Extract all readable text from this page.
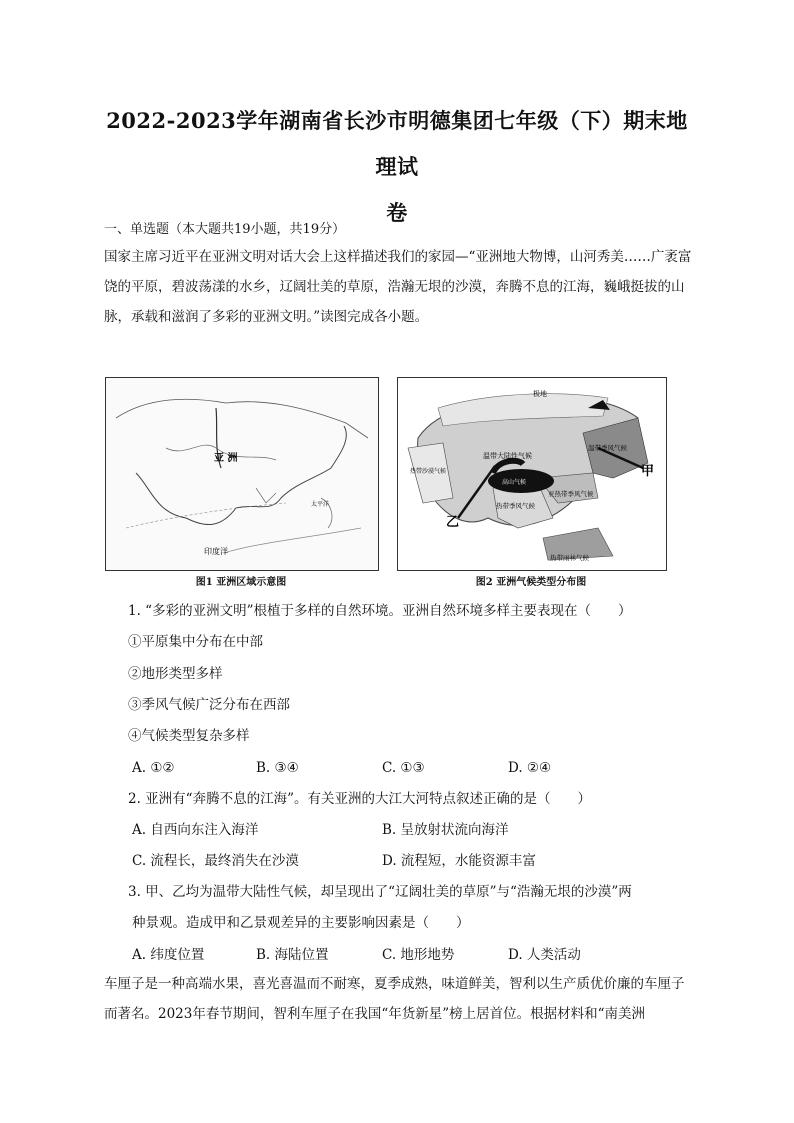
2022-2023学年湖南省长沙市明德集团七年级（下）期末地理试
卷
一、单选题（本大题共19小题，共19分）
国家主席习近平在亚洲文明对话大会上这样描述我们的家园—“亚洲地大物博，山河秀美……广袤富饶的平原，碧波荡漾的水乡，辽阔壮美的草原，浩瀚无垠的沙漠，奔腾不息的江海，巍峨挺拔的山脉，承载和滋润了多彩的亚洲文明。”读图完成各小题。
亚 洲
印度洋
太平洋
图1 亚洲区域示意图
温带大陆性气候
高山气候
温带季风气候
亚热带季风气候
热带季风气候
热带沙漠气候
热带雨林气候
极地
甲
乙
图2 亚洲气候类型分布图
1. “多彩的亚洲文明”根植于多样的自然环境。亚洲自然环境多样主要表现在（　　）
①平原集中分布在中部
②地形类型多样
③季风气候广泛分布在西部
④气候类型复杂多样
A. ①②	B. ③④	C. ①③	D. ②④
2. 亚洲有“奔腾不息的江海”。有关亚洲的大江大河特点叙述正确的是（　　）
A. 自西向东注入海洋	B. 呈放射状流向海洋
C. 流程长，最终消失在沙漠	D. 流程短，水能资源丰富
3. 甲、乙均为温带大陆性气候，却呈现出了“辽阔壮美的草原”与“浩瀚无垠的沙漠”两
种景观。造成甲和乙景观差异的主要影响因素是（　　）
A. 纬度位置	B. 海陆位置	C. 地形地势	D. 人类活动
车厘子是一种高端水果，喜光喜温而不耐寒，夏季成熟，味道鲜美，智利以生产质优价廉的车厘子而著名。2023年春节期间，智利车厘子在我国“年货新星”榜上居首位。根据材料和“南美洲
